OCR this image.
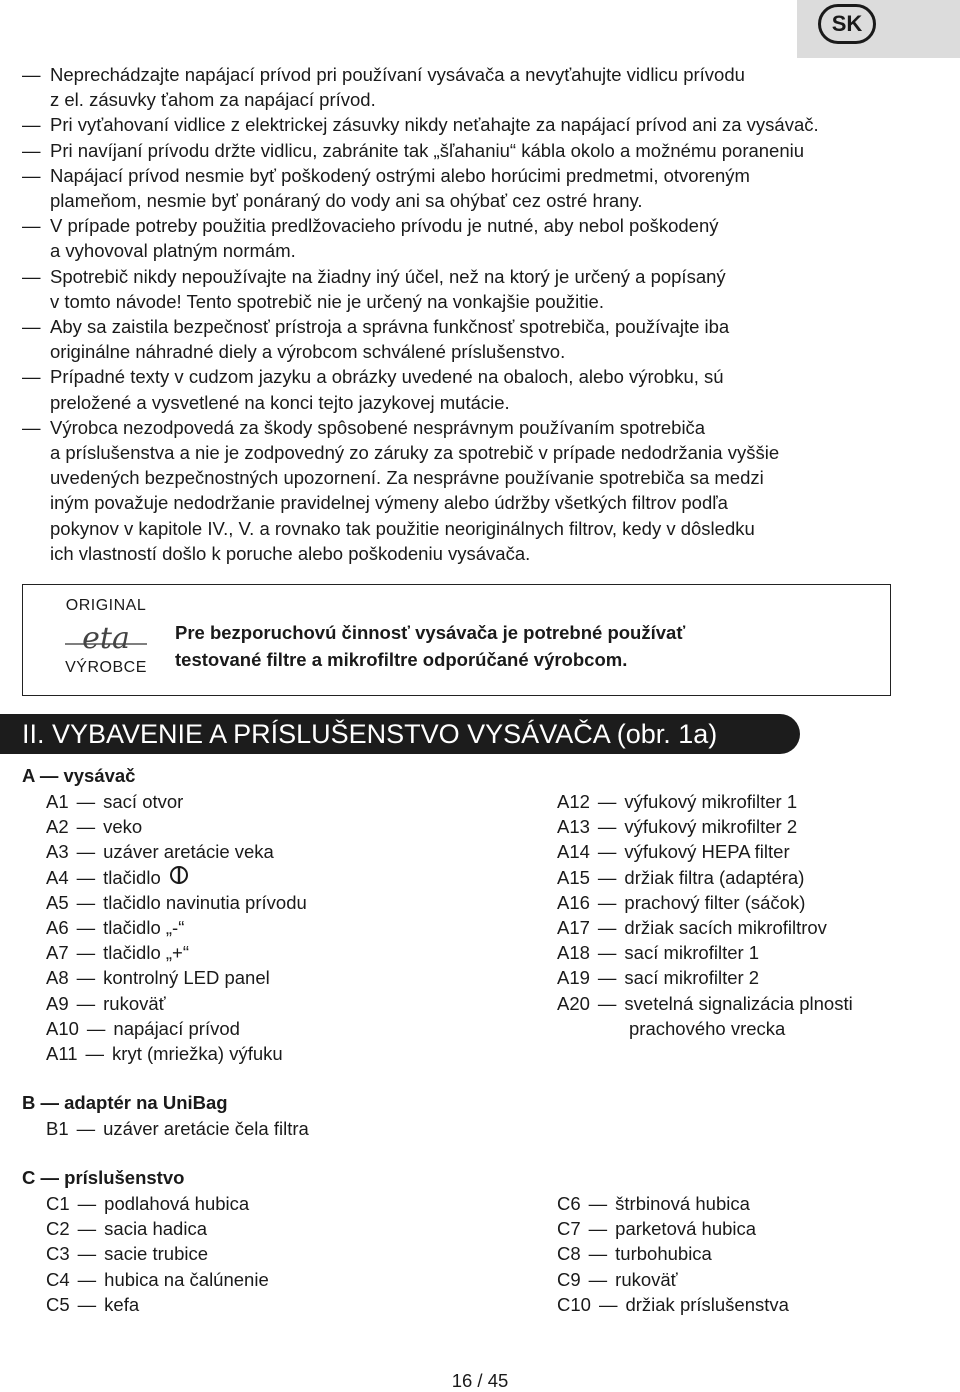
SK
— Neprechádzajte napájací prívod pri používaní vysávača a nevyťahujte vidlicu prívodu
z el. zásuvky ťahom za napájací prívod.
— Pri vyťahovaní vidlice z elektrickej zásuvky nikdy neťahajte za napájací prívod ani za vysávač.
— Pri navíjaní prívodu držte vidlicu, zabránite tak „šľahaniu“ kábla okolo a možnému poraneniu
— Napájací prívod nesmie byť poškodený ostrými alebo horúcimi predmetmi, otvoreným
plameňom, nesmie byť ponáraný do vody ani sa ohýbať cez ostré hrany.
— V prípade potreby použitia predlžovacieho prívodu je nutné, aby nebol poškodený
a vyhovoval platným normám.
— Spotrebič nikdy nepoužívajte na žiadny iný účel, než na ktorý je určený a popísaný
v tomto návode! Tento spotrebič nie je určený na vonkajšie použitie.
— Aby sa zaistila bezpečnosť prístroja a správna funkčnosť spotrebiča, používajte iba
originálne náhradné diely a výrobcom schválené príslušenstvo.
— Prípadné texty v cudzom jazyku a obrázky uvedené na obaloch, alebo výrobku, sú
preložené a vysvetlené na konci tejto jazykovej mutácie.
— Výrobca nezodpovedá za škody spôsobené nesprávnym používaním spotrebiča
a príslušenstva a nie je zodpovedný zo záruky za spotrebič v prípade nedodržania vyššie
uvedených bezpečnostných upozornení. Za nesprávne používanie spotrebiča sa medzi
iným považuje nedodržanie pravidelnej výmeny alebo údržby všetkých filtrov podľa
pokynov v kapitole IV., V. a rovnako tak použitie neoriginálnych filtrov, kedy v dôsledku
ich vlastností došlo k poruche alebo poškodeniu vysávača.
ORIGINAL
eta
VÝROBCE
Pre bezporuchovú činnosť vysávača je potrebné používať
testované filtre a mikrofiltre odporúčané výrobcom.
II. VYBAVENIE A PRÍSLUŠENSTVO VYSÁVAČA (obr. 1a)
A — vysávač
A1 — sací otvor
A2 — veko
A3 — uzáver aretácie veka
A4 — tlačidlo
A5 — tlačidlo navinutia prívodu
A6 — tlačidlo „-“
A7 — tlačidlo „+“
A8 — kontrolný LED panel
A9 — rukoväť
A10 — napájací prívod
A11 — kryt (mriežka) výfuku
A12 — výfukový mikrofilter 1
A13 — výfukový mikrofilter 2
A14 — výfukový HEPA filter
A15 — držiak filtra (adaptéra)
A16 — prachový filter (sáčok)
A17 — držiak sacích mikrofiltrov
A18 — sací mikrofilter 1
A19 — sací mikrofilter 2
A20 — svetelná signalizácia plnosti
prachového vrecka
B — adaptér na UniBag
B1 — uzáver aretácie čela filtra
C — príslušenstvo
C1 — podlahová hubica
C2 — sacia hadica
C3 — sacie trubice
C4 — hubica na čalúnenie
C5 — kefa
C6 — štrbinová hubica
C7 — parketová hubica
C8 — turbohubica
C9 — rukoväť
C10 — držiak príslušenstva
16 / 45
